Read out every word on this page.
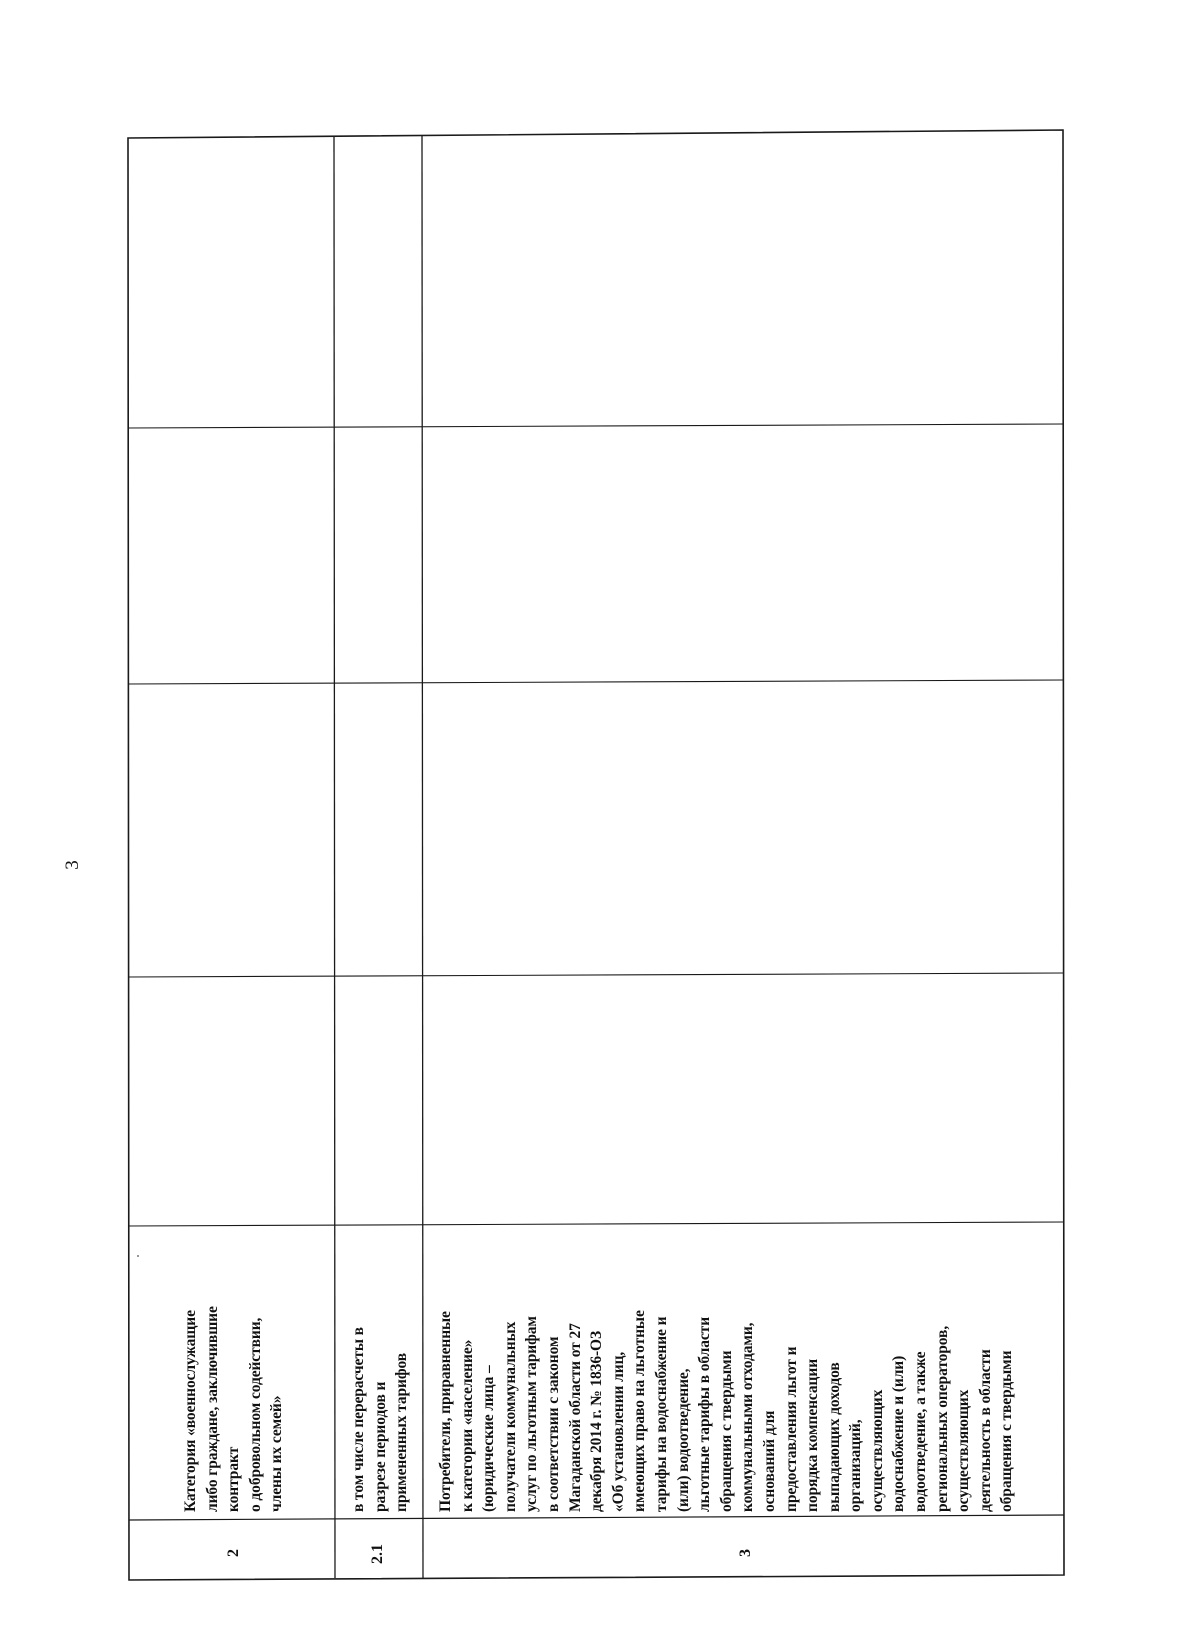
3
2
Категория «военнослужащие
либо граждане, заключившие
контракт
о добровольном содействии,
члены их семей»
2.1
в том числе перерасчеты в
разрезе периодов и
примененных тарифов
3
Потребители, приравненные
к категории «население»
(юридические лица –
получатели коммунальных
услуг по льготным тарифам
в соответствии с законом
Магаданской области от 27
декабря 2014 г. № 1836-ОЗ
«Об установлении лиц,
имеющих право на льготные
тарифы на водоснабжение и
(или) водоотведение,
льготные тарифы в области
обращения с твердыми
коммунальными отходами,
оснований для
предоставления льгот и
порядка компенсации
выпадающих доходов
организаций,
осуществляющих
водоснабжение и (или)
водоотведение, а также
региональных операторов,
осуществляющих
деятельность в области
обращения с твердыми
